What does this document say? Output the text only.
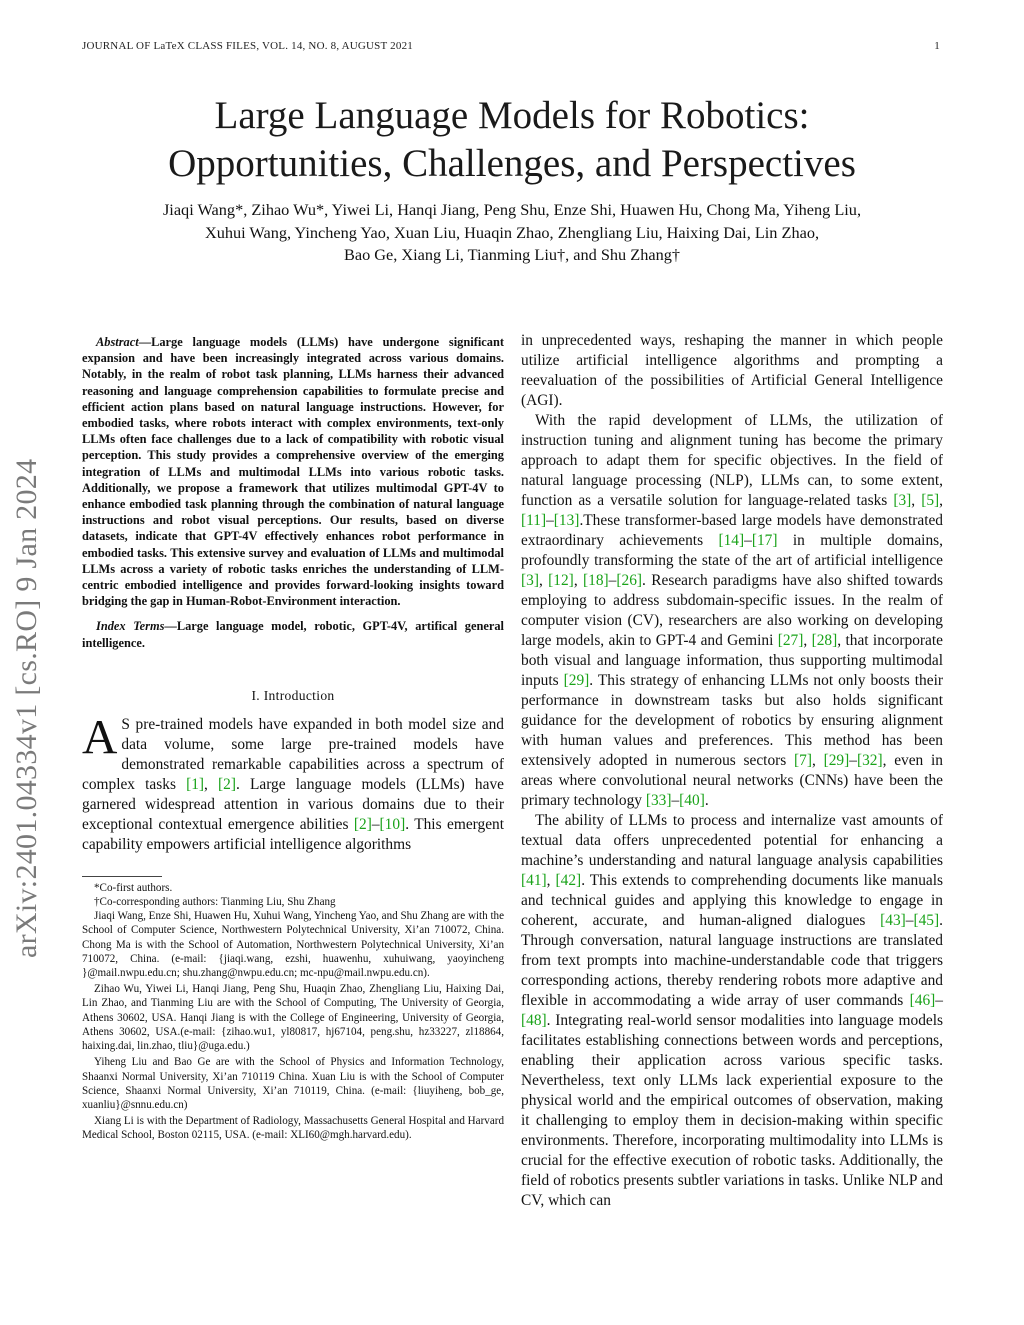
JOURNAL OF LaTeX CLASS FILES, VOL. 14, NO. 8, AUGUST 2021	1
Large Language Models for Robotics:
Opportunities, Challenges, and Perspectives
Jiaqi Wang*, Zihao Wu*, Yiwei Li, Hanqi Jiang, Peng Shu, Enze Shi, Huawen Hu, Chong Ma, Yiheng Liu,
Xuhui Wang, Yincheng Yao, Xuan Liu, Huaqin Zhao, Zhengliang Liu, Haixing Dai, Lin Zhao,
Bao Ge, Xiang Li, Tianming Liu†, and Shu Zhang†
arXiv:2401.04334v1 [cs.RO] 9 Jan 2024

Abstract—Large language models (LLMs) have undergone significant expansion and have been increasingly integrated across various domains. Notably, in the realm of robot task planning, LLMs harness their advanced reasoning and language comprehension capabilities to formulate precise and efficient action plans based on natural language instructions. However, for embodied tasks, where robots interact with complex environments, text-only LLMs often face challenges due to a lack of compatibility with robotic visual perception. This study provides a comprehensive overview of the emerging integration of LLMs and multimodal LLMs into various robotic tasks. Additionally, we propose a framework that utilizes multimodal GPT-4V to enhance embodied task planning through the combination of natural language instructions and robot visual perceptions. Our results, based on diverse datasets, indicate that GPT-4V effectively enhances robot performance in embodied tasks. This extensive survey and evaluation of LLMs and multimodal LLMs across a variety of robotic tasks enriches the understanding of LLM-centric embodied intelligence and provides forward-looking insights toward bridging the gap in Human-Robot-Environment interaction.

Index Terms—Large language model, robotic, GPT-4V, artifical general intelligence.

I. Introduction

A S pre-trained models have expanded in both model size and data volume, some large pre-trained models have demonstrated remarkable capabilities across a spectrum of complex tasks [1], [2]. Large language models (LLMs) have garnered widespread attention in various domains due to their exceptional contextual emergence abilities [2]–[10]. This emergent capability empowers artificial intelligence algorithms

*Co-first authors.

†Co-corresponding authors: Tianming Liu, Shu Zhang

Jiaqi Wang, Enze Shi, Huawen Hu, Xuhui Wang, Yincheng Yao, and Shu Zhang are with the School of Computer Science, Northwestern Polytechnical University, Xi’an 710072, China. Chong Ma is with the School of Automation, Northwestern Polytechnical University, Xi’an 710072, China. (e-mail: {jiaqi.wang, ezshi, huawenhu, xuhuiwang, yaoyincheng }@mail.nwpu.edu.cn; shu.zhang@nwpu.edu.cn; mc-npu@mail.nwpu.edu.cn).

Zihao Wu, Yiwei Li, Hanqi Jiang, Peng Shu, Huaqin Zhao, Zhengliang Liu, Haixing Dai, Lin Zhao, and Tianming Liu are with the School of Computing, The University of Georgia, Athens 30602, USA. Hanqi Jiang is with the College of Engineering, University of Georgia, Athens 30602, USA.(e-mail: {zihao.wu1, yl80817, hj67104, peng.shu, hz33227, zl18864, haixing.dai, lin.zhao, tliu}@uga.edu.)

Yiheng Liu and Bao Ge are with the School of Physics and Information Technology, Shaanxi Normal University, Xi’an 710119 China. Xuan Liu is with the School of Computer Science, Shaanxi Normal University, Xi’an 710119, China. (e-mail: {liuyiheng, bob_ge, xuanliu}@snnu.edu.cn)

Xiang Li is with the Department of Radiology, Massachusetts General Hospital and Harvard Medical School, Boston 02115, USA. (e-mail: XLI60@mgh.harvard.edu).

in unprecedented ways, reshaping the manner in which people utilize artificial intelligence algorithms and prompting a reevaluation of the possibilities of Artificial General Intelligence (AGI).

With the rapid development of LLMs, the utilization of instruction tuning and alignment tuning has become the primary approach to adapt them for specific objectives. In the field of natural language processing (NLP), LLMs can, to some extent, function as a versatile solution for language-related tasks [3], [5], [11]–[13].These transformer-based large models have demonstrated extraordinary achievements [14]–[17] in multiple domains, profoundly transforming the state of the art of artificial intelligence [3], [12], [18]–[26]. Research paradigms have also shifted towards employing to address subdomain-specific issues. In the realm of computer vision (CV), researchers are also working on developing large models, akin to GPT-4 and Gemini [27], [28], that incorporate both visual and language information, thus supporting multimodal inputs [29]. This strategy of enhancing LLMs not only boosts their performance in downstream tasks but also holds significant guidance for the development of robotics by ensuring alignment with human values and preferences. This method has been extensively adopted in numerous sectors [7], [29]–[32], even in areas where convolutional neural networks (CNNs) have been the primary technology [33]–[40].

The ability of LLMs to process and internalize vast amounts of textual data offers unprecedented potential for enhancing a machine’s understanding and natural language analysis capabilities [41], [42]. This extends to comprehending documents like manuals and technical guides and applying this knowledge to engage in coherent, accurate, and human-aligned dialogues [43]–[45]. Through conversation, natural language instructions are translated from text prompts into machine-understandable code that triggers corresponding actions, thereby rendering robots more adaptive and flexible in accommodating a wide array of user commands [46]–[48]. Integrating real-world sensor modalities into language models facilitates establishing connections between words and perceptions, enabling their application across various specific tasks. Nevertheless, text only LLMs lack experiential exposure to the physical world and the empirical outcomes of observation, making it challenging to employ them in decision-making within specific environments. Therefore, incorporating multimodality into LLMs is crucial for the effective execution of robotic tasks. Additionally, the field of robotics presents subtler variations in tasks. Unlike NLP and CV, which can
